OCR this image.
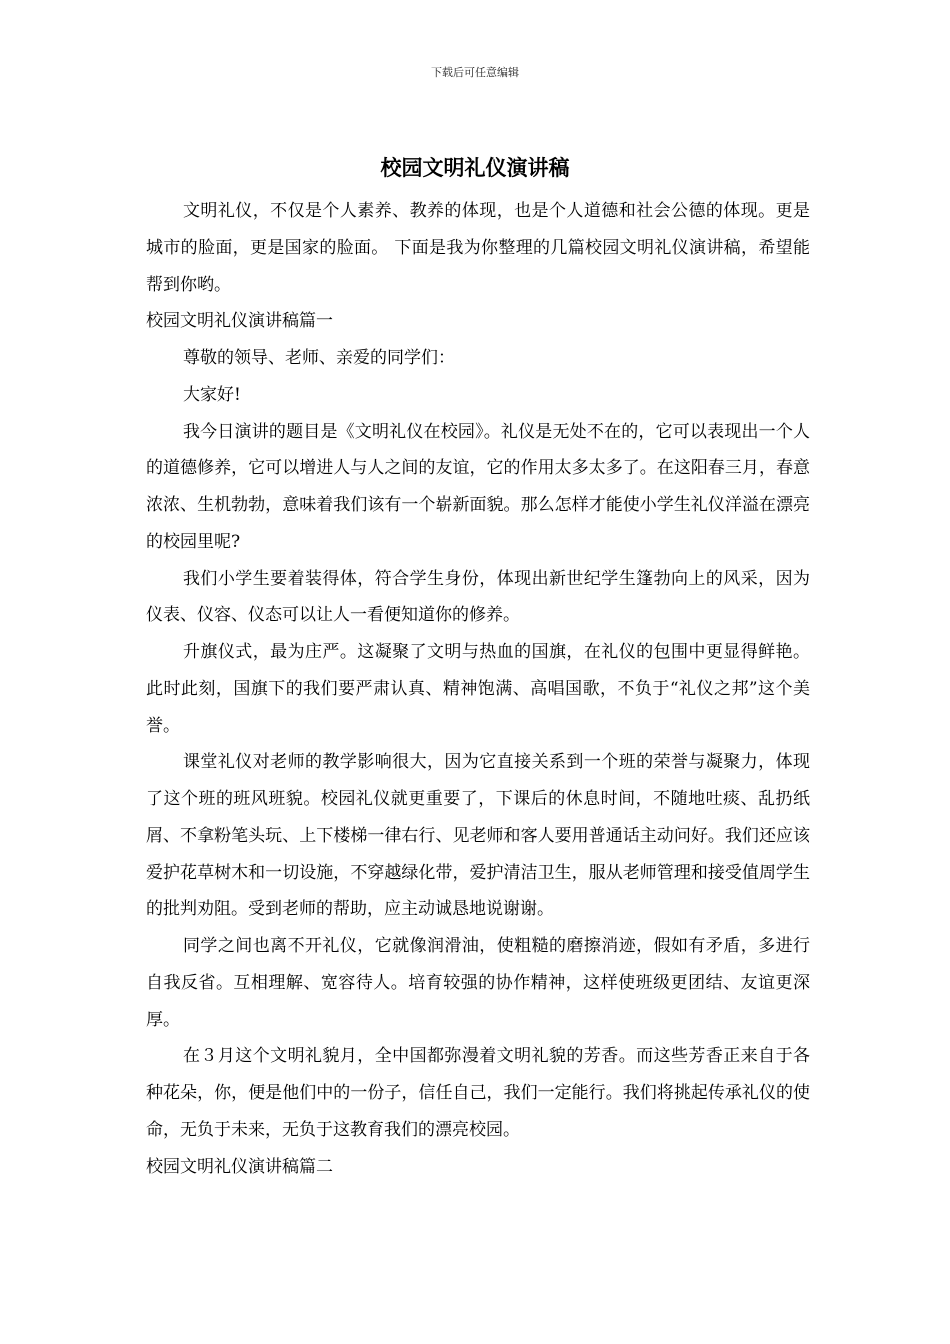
下载后可任意编辑
校园文明礼仪演讲稿

文明礼仪，不仅是个人素养、教养的体现，也是个人道德和社会公德的体现。更是城市的脸面，更是国家的脸面。 下面是我为你整理的几篇校园文明礼仪演讲稿，希望能帮到你哟。

校园文明礼仪演讲稿篇一

尊敬的领导、老师、亲爱的同学们：

大家好!

我今日演讲的题目是《文明礼仪在校园》。礼仪是无处不在的，它可以表现出一个人的道德修养，它可以增进人与人之间的友谊，它的作用太多太多了。在这阳春三月，春意浓浓、生机勃勃，意味着我们该有一个崭新面貌。那么怎样才能使小学生礼仪洋溢在漂亮的校园里呢?

我们小学生要着装得体，符合学生身份，体现出新世纪学生篷勃向上的风采，因为仪表、仪容、仪态可以让人一看便知道你的修养。

升旗仪式，最为庄严。这凝聚了文明与热血的国旗，在礼仪的包围中更显得鲜艳。此时此刻，国旗下的我们要严肃认真、精神饱满、高唱国歌，不负于“礼仪之邦”这个美誉。

课堂礼仪对老师的教学影响很大，因为它直接关系到一个班的荣誉与凝聚力，体现了这个班的班风班貌。校园礼仪就更重要了，下课后的休息时间，不随地吐痰、乱扔纸屑、不拿粉笔头玩、上下楼梯一律右行、见老师和客人要用普通话主动问好。我们还应该爱护花草树木和一切设施，不穿越绿化带，爱护清洁卫生，服从老师管理和接受值周学生的批判劝阻。受到老师的帮助，应主动诚恳地说谢谢。

同学之间也离不开礼仪，它就像润滑油，使粗糙的磨擦消迹，假如有矛盾，多进行自我反省。互相理解、宽容待人。培育较强的协作精神，这样使班级更团结、友谊更深厚。

在３月这个文明礼貌月，全中国都弥漫着文明礼貌的芳香。而这些芳香正来自于各种花朵，你，便是他们中的一份子，信任自己，我们一定能行。我们将挑起传承礼仪的使命，无负于未来，无负于这教育我们的漂亮校园。

校园文明礼仪演讲稿篇二
